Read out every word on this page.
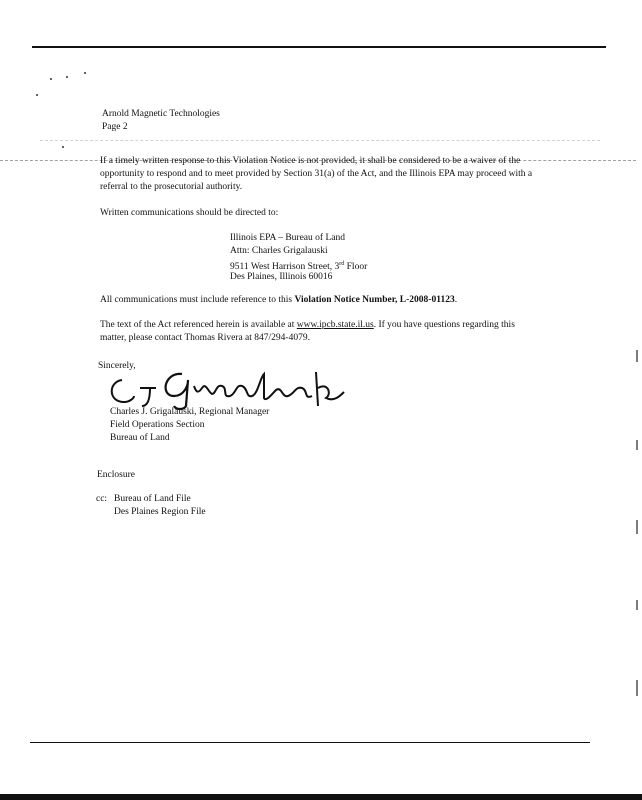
Arnold Magnetic Technologies
Page 2
If a timely written response to this Violation Notice is not provided, it shall be considered to be a waiver of the opportunity to respond and to meet provided by Section 31(a) of the Act, and the Illinois EPA may proceed with a referral to the prosecutorial authority.
Written communications should be directed to:
Illinois EPA – Bureau of Land
Attn: Charles Grigalauski
9511 West Harrison Street, 3rd Floor
Des Plaines, Illinois 60016
All communications must include reference to this Violation Notice Number, L-2008-01123.
The text of the Act referenced herein is available at www.ipcb.state.il.us. If you have questions regarding this matter, please contact Thomas Rivera at 847/294-4079.
Sincerely,
Charles J. Grigalauski, Regional Manager
Field Operations Section
Bureau of Land
Enclosure
cc: Bureau of Land File
Des Plaines Region File
